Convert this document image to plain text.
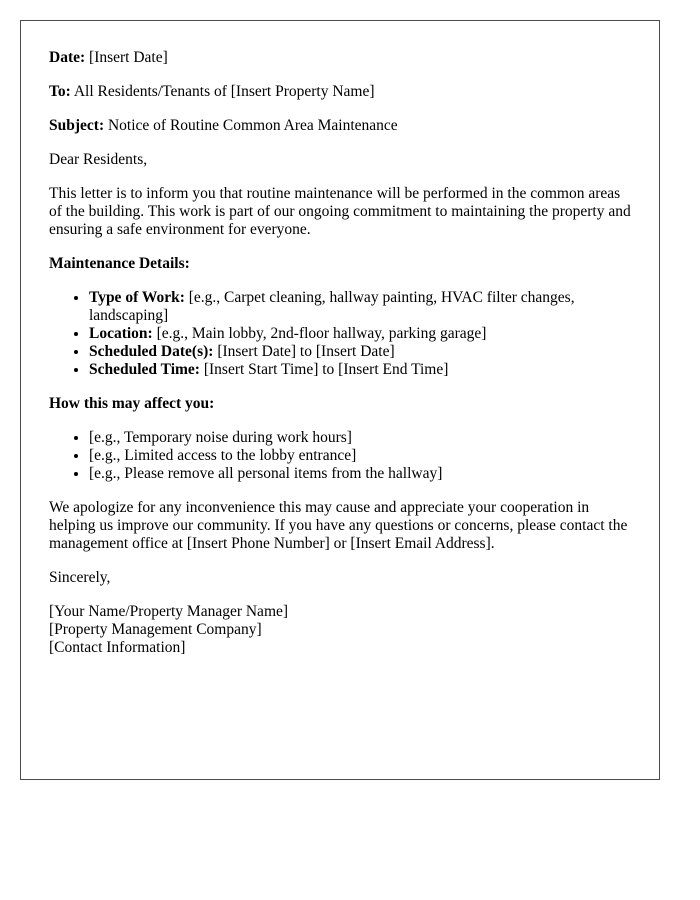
Date: [Insert Date]

To: All Residents/Tenants of [Insert Property Name]

Subject: Notice of Routine Common Area Maintenance

Dear Residents,

This letter is to inform you that routine maintenance will be performed in the common areas of the building. This work is part of our ongoing commitment to maintaining the property and ensuring a safe environment for everyone.

Maintenance Details:
• Type of Work: [e.g., Carpet cleaning, hallway painting, HVAC filter changes, landscaping]
• Location: [e.g., Main lobby, 2nd-floor hallway, parking garage]
• Scheduled Date(s): [Insert Date] to [Insert Date]
• Scheduled Time: [Insert Start Time] to [Insert End Time]
How this may affect you:
• [e.g., Temporary noise during work hours]
• [e.g., Limited access to the lobby entrance]
• [e.g., Please remove all personal items from the hallway]

We apologize for any inconvenience this may cause and appreciate your cooperation in helping us improve our community. If you have any questions or concerns, please contact the management office at [Insert Phone Number] or [Insert Email Address].

Sincerely,

[Your Name/Property Manager Name]
[Property Management Company]
[Contact Information]
